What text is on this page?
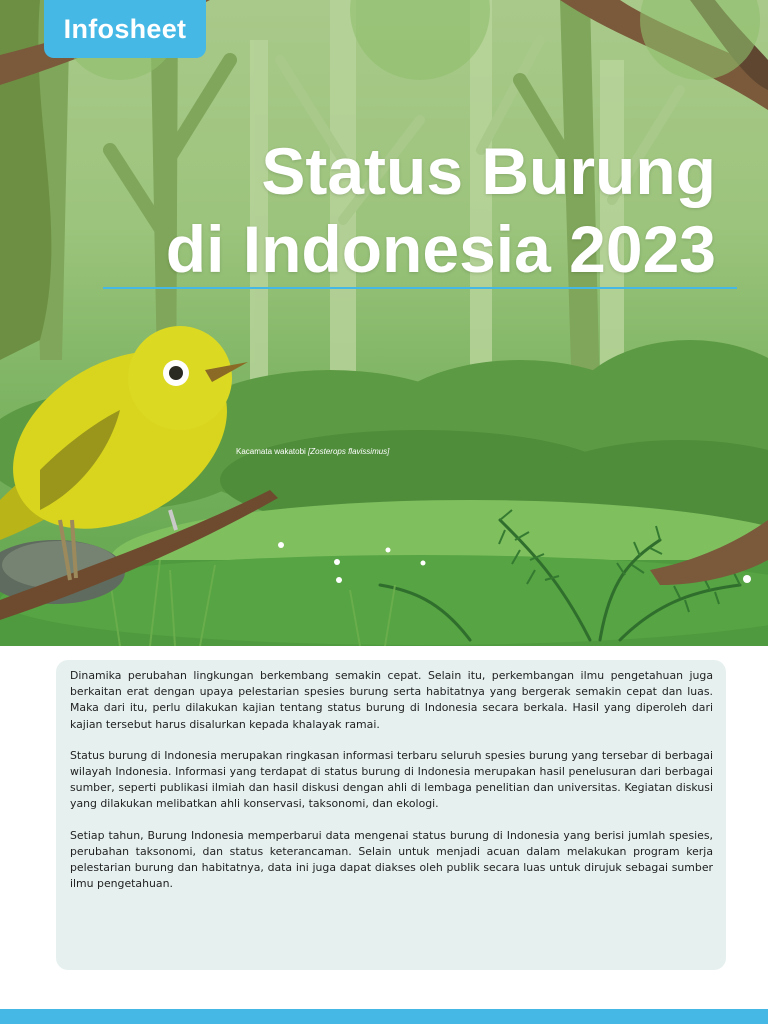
Infosheet
Status Burung
di Indonesia 2023
Kacamata wakatobi [Zosterops flavissimus]

Dinamika perubahan lingkungan berkembang semakin cepat. Selain itu, perkembangan ilmu pengetahuan juga berkaitan erat dengan upaya pelestarian spesies burung serta habitatnya yang bergerak semakin cepat dan luas. Maka dari itu, perlu dilakukan kajian tentang status burung di Indonesia secara berkala. Hasil yang diperoleh dari kajian tersebut harus disalurkan kepada khalayak ramai.

Status burung di Indonesia merupakan ringkasan informasi terbaru seluruh spesies burung yang tersebar di berbagai wilayah Indonesia. Informasi yang terdapat di status burung di Indonesia merupakan hasil penelusuran dari berbagai sumber, seperti publikasi ilmiah dan hasil diskusi dengan ahli di lembaga penelitian dan universitas. Kegiatan diskusi yang dilakukan melibatkan ahli konservasi, taksonomi, dan ekologi.

Setiap tahun, Burung Indonesia memperbarui data mengenai status burung di Indonesia yang berisi jumlah spesies, perubahan taksonomi, dan status keterancaman. Selain untuk menjadi acuan dalam melakukan program kerja pelestarian burung dan habitatnya, data ini juga dapat diakses oleh publik secara luas untuk dirujuk sebagai sumber ilmu pengetahuan.
